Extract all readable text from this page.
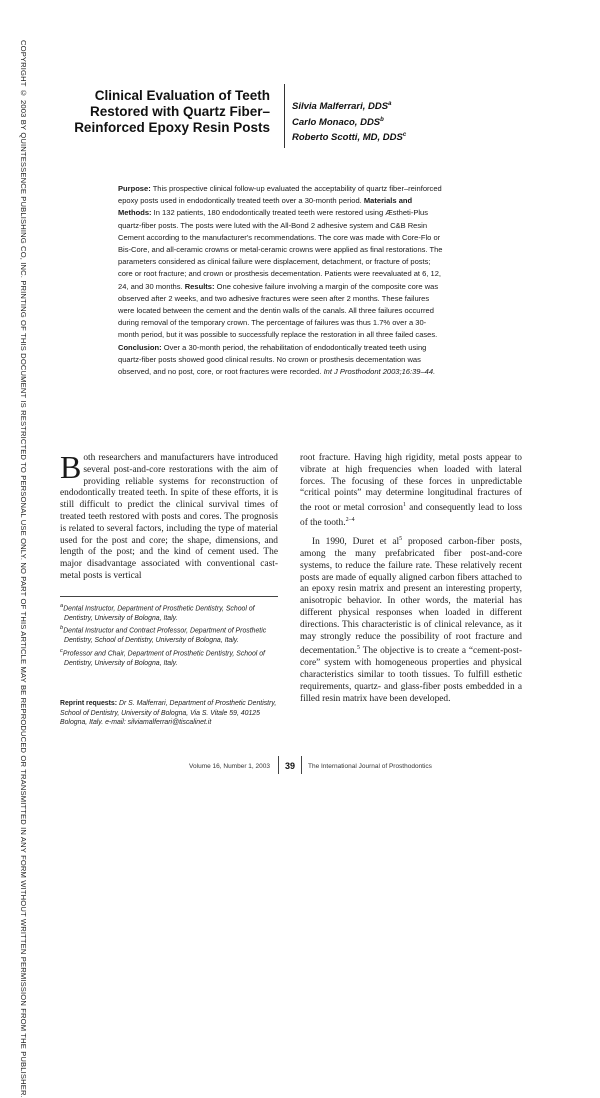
COPYRIGHT © 2003 BY QUINTESSENCE PUBLISHING CO, INC. PRINTING OF THIS DOCUMENT IS RESTRICTED TO PERSONAL USE ONLY. NO PART OF THIS ARTICLE MAY BE REPRODUCED OR TRANSMITTED IN ANY FORM WITHOUT WRITTEN PERMISSION FROM THE PUBLISHER.	Clinical Evaluation of Teeth
Restored with Quartz Fiber–
Reinforced Epoxy Resin Posts
Silvia Malferrari, DDS$^a$
Carlo Monaco, DDS$^b$
Roberto Scotti, MD, DDS$^c$
Purpose: This prospective clinical follow-up evaluated the acceptability of quartz fiber–reinforced epoxy posts used in endodontically treated teeth over a 30-month period. Materials and Methods: In 132 patients, 180 endodontically treated teeth were restored using Æstheti-Plus quartz-fiber posts. The posts were luted with the All-Bond 2 adhesive system and C&B Resin Cement according to the manufacturer's recommendations. The core was made with Core-Flo or Bis-Core, and all-ceramic crowns or metal-ceramic crowns were applied as final restorations. The parameters considered as clinical failure were displacement, detachment, or fracture of posts; core or root fracture; and crown or prosthesis decementation. Patients were reevaluated at 6, 12, 24, and 30 months. Results: One cohesive failure involving a margin of the composite core was observed after 2 weeks, and two adhesive fractures were seen after 2 months. These failures were located between the cement and the dentin walls of the canals. All three failures occurred during removal of the temporary crown. The percentage of failures was thus 1.7% over a 30-month period, but it was possible to successfully replace the restoration in all three failed cases. Conclusion: Over a 30-month period, the rehabilitation of endodontically treated teeth using quartz-fiber posts showed good clinical results. No crown or prosthesis decementation was observed, and no post, core, or root fractures were recorded. Int J Prosthodont 2003;16:39–44.
Both researchers and manufacturers have introduced several post-and-core restorations with the aim of providing reliable systems for reconstruction of endodontically treated teeth. In spite of these efforts, it is still difficult to predict the clinical survival times of treated teeth restored with posts and cores. The prognosis is related to several factors, including the type of material used for the post and core; the shape, dimensions, and length of the post; and the kind of cement used. The major disadvantage associated with conventional cast-metal posts is vertical

$^a$Dental Instructor, Department of Prosthetic Dentistry, School of Dentistry, University of Bologna, Italy.

$^b$Dental Instructor and Contract Professor, Department of Prosthetic Dentistry, School of Dentistry, University of Bologna, Italy.

$^c$Professor and Chair, Department of Prosthetic Dentistry, School of Dentistry, University of Bologna, Italy.

Reprint requests: Dr S. Malferrari, Department of Prosthetic Dentistry, School of Dentistry, University of Bologna, Via S. Vitale 59, 40125 Bologna, Italy. e-mail: silviamalferrari@tiscalinet.it

root fracture. Having high rigidity, metal posts appear to vibrate at high frequencies when loaded with lateral forces. The focusing of these forces in unpredictable “critical points” may determine longitudinal fractures of the root or metal corrosion$^1$ and consequently lead to loss of the tooth.$^{2-4}$

In 1990, Duret et $al^5$ proposed carbon-fiber posts, among the many prefabricated fiber post-and-core systems, to reduce the failure rate. These relatively recent posts are made of equally aligned carbon fibers attached to an epoxy resin matrix and present an interesting property, anisotropic behavior. In other words, the material has different physical responses when loaded in different directions. This characteristic is of clinical relevance, as it may strongly reduce the possibility of root fracture and decementation.$^5$ The objective is to create a “cement-post-core” system with homogeneous properties and physical characteristics similar to tooth tissues. To fulfill esthetic requirements, quartz- and glass-fiber posts embedded in a filled resin matrix have been developed.

Volume 16, Number 1, 2003	39	The International Journal of Prosthodontics
